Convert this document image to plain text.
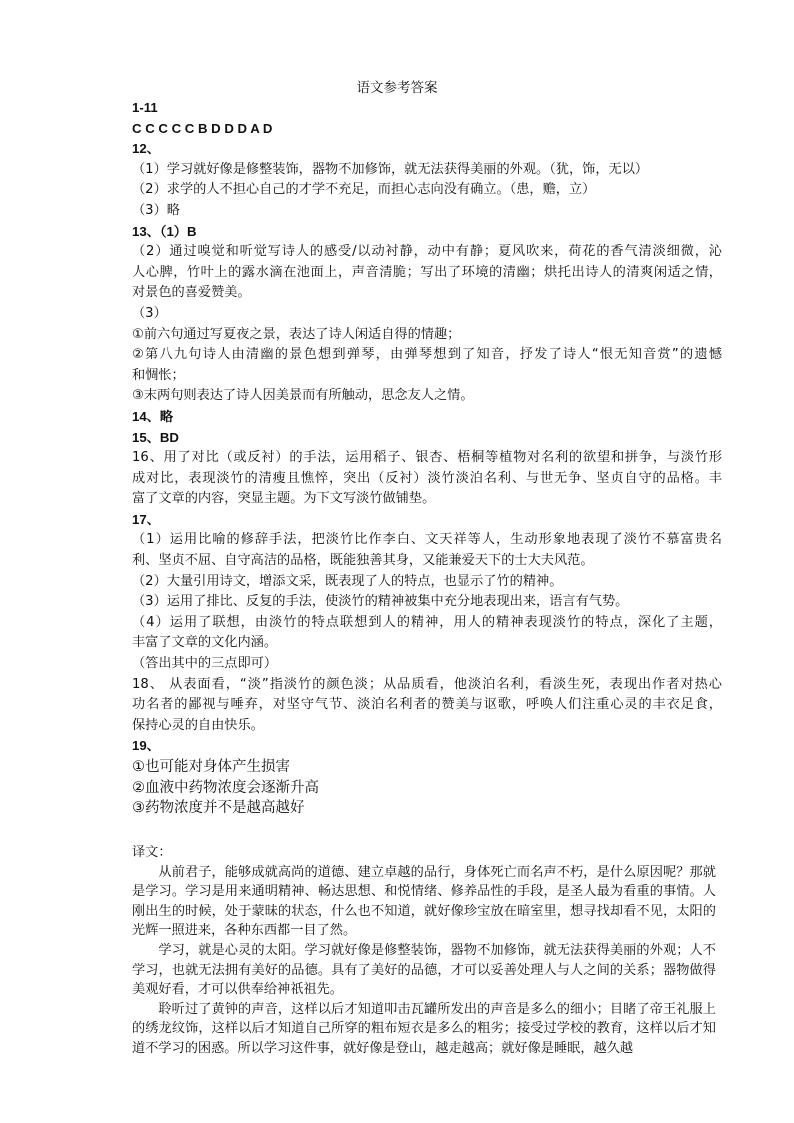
语文参考答案
1-11
C C C C C B D D D A D
12、
（1）学习就好像是修整装饰，器物不加修饰，就无法获得美丽的外观。（犹，饰，无以）
（2）求学的人不担心自己的才学不充足，而担心志向没有确立。（患，赡，立）
（3）略
13、（1）B
（2）通过嗅觉和听觉写诗人的感受/以动衬静，动中有静；夏风吹来，荷花的香气清淡细微，沁
人心脾，竹叶上的露水滴在池面上，声音清脆；写出了环境的清幽；烘托出诗人的清爽闲适之情，
对景色的喜爱赞美。
（3）
①前六句通过写夏夜之景，表达了诗人闲适自得的情趣；
②第八九句诗人由清幽的景色想到弹琴，由弹琴想到了知音，抒发了诗人“恨无知音赏”的遗憾
和惆怅；
③末两句则表达了诗人因美景而有所触动，思念友人之情。
14、略
15、BD
16、用了对比（或反衬）的手法，运用稻子、银杏、梧桐等植物对名利的欲望和拼争，与淡竹形
成对比，表现淡竹的清瘦且憔悴，突出（反衬）淡竹淡泊名利、与世无争、坚贞自守的品格。丰
富了文章的内容，突显主题。为下文写淡竹做铺垫。
17、
（1）运用比喻的修辞手法，把淡竹比作李白、文天祥等人，生动形象地表现了淡竹不慕富贵名
利、坚贞不屈、自守高洁的品格，既能独善其身，又能兼爱天下的士大夫风范。
（2）大量引用诗文，增添文采，既表现了人的特点，也显示了竹的精神。
（3）运用了排比、反复的手法，使淡竹的精神被集中充分地表现出来，语言有气势。
（4）运用了联想，由淡竹的特点联想到人的精神，用人的精神表现淡竹的特点，深化了主题，
丰富了文章的文化内涵。
（答出其中的三点即可）
18、 从表面看，“淡”指淡竹的颜色淡；从品质看，他淡泊名利，看淡生死，表现出作者对热心
功名者的鄙视与唾弃，对坚守气节、淡泊名利者的赞美与讴歌，呼唤人们注重心灵的丰衣足食，
保持心灵的自由快乐。
19、
①也可能对身体产生损害
②血液中药物浓度会逐渐升高
③药物浓度并不是越高越好
译文：
从前君子，能够成就高尚的道德、建立卓越的品行，身体死亡而名声不朽，是什么原因呢？那就是学习。学习是用来通明精神、畅达思想、和悦情绪、修养品性的手段，是圣人最为看重的事情。人刚出生的时候，处于蒙昧的状态，什么也不知道，就好像珍宝放在暗室里，想寻找却看不见，太阳的光辉一照进来，各种东西都一目了然。
学习，就是心灵的太阳。学习就好像是修整装饰，器物不加修饰，就无法获得美丽的外观；人不学习，也就无法拥有美好的品德。具有了美好的品德，才可以妥善处理人与人之间的关系；器物做得美观好看，才可以供奉给神祇祖先。
聆听过了黄钟的声音，这样以后才知道叩击瓦罐所发出的声音是多么的细小；目睹了帝王礼服上的绣龙纹饰，这样以后才知道自己所穿的粗布短衣是多么的粗劣；接受过学校的教育，这样以后才知道不学习的困惑。所以学习这件事，就好像是登山，越走越高；就好像是睡眠，越久越
